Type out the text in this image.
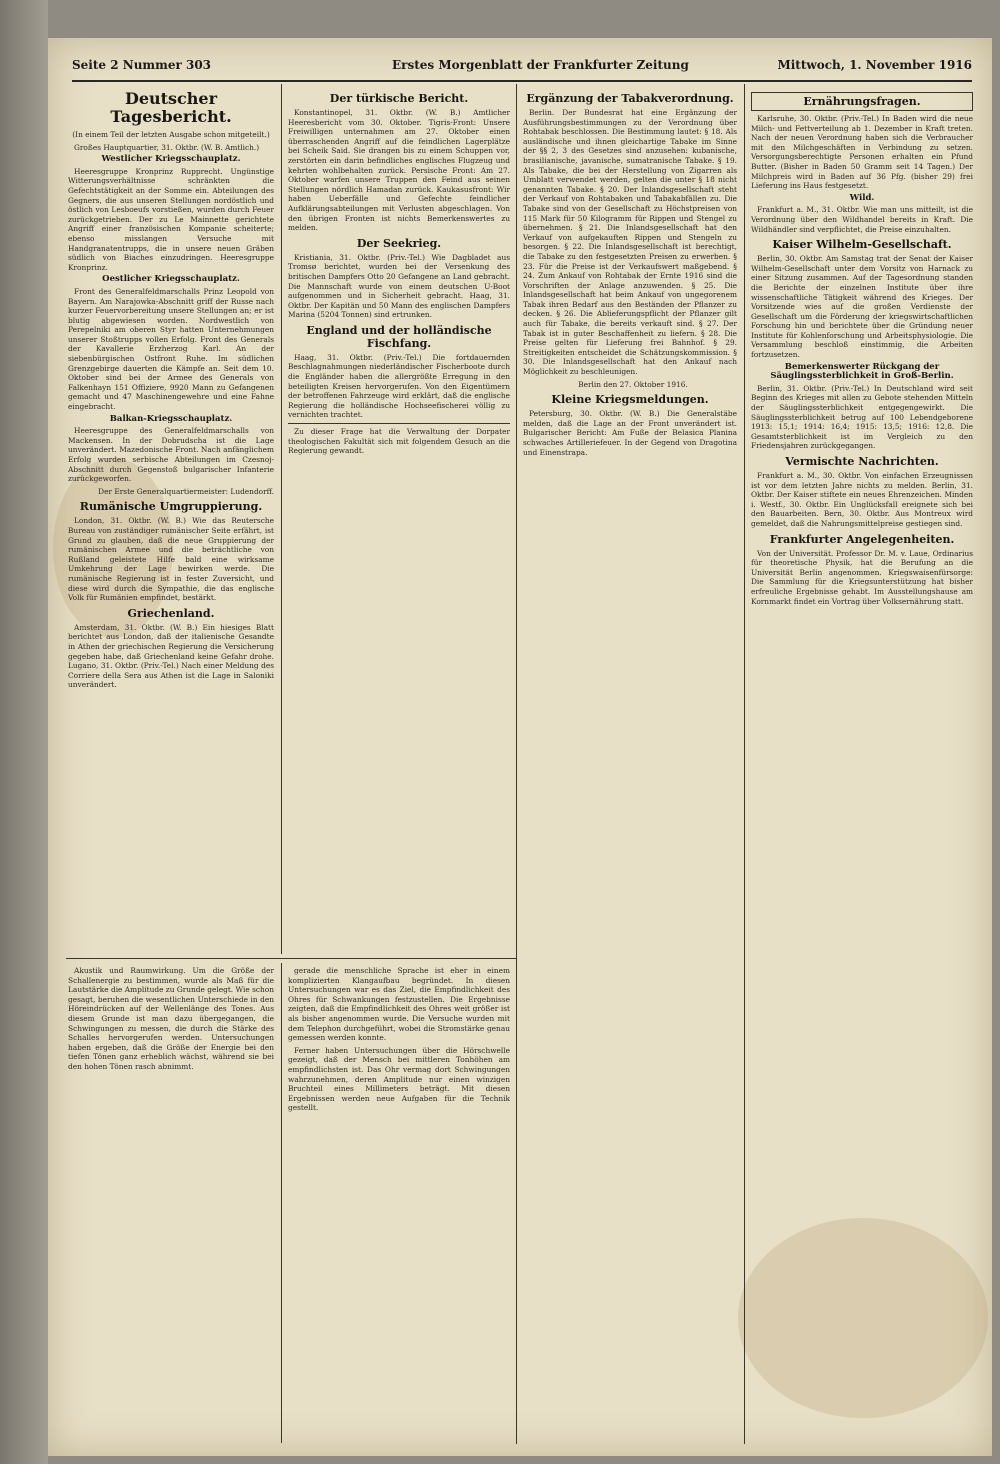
Seite 2 Nummer 303	Erstes Morgenblatt der Frankfurter Zeitung	Mittwoch, 1. November 1916
Deutscher Tagesbericht.
(In einem Teil der letzten Ausgabe schon mitgeteilt.)
Großes Hauptquartier, 31. Oktbr. (W. B. Amtlich.)
Westlicher Kriegsschauplatz.
Heeresgruppe Kronprinz Rupprecht. Ungünstige Witterungsverhältnisse schränkten die Gefechtstätigkeit an der Somme ein. Abteilungen des Gegners, die aus unseren Stellungen nordöstlich und östlich von Lesboeufs vorstießen, wurden durch Feuer zurückgetrieben. Der zu Le Mainnette gerichtete Angriff einer französischen Kompanie scheiterte; ebenso misslangen Versuche mit Handgranatentrupps, die in unsere neuen Gräben südlich von Biaches einzudringen. Heeresgruppe Kronprinz.
Oestlicher Kriegsschauplatz.
Front des Generalfeldmarschalls Prinz Leopold von Bayern. Am Narajowka-Abschnitt griff der Russe nach kurzer Feuervorbereitung unsere Stellungen an; er ist blutig abgewiesen worden. Nordwestlich von Perepelniki am oberen Styr hatten Unternehmungen unserer Stoßtrupps vollen Erfolg. Front des Generals der Kavallerie Erzherzog Karl. An der siebenbürgischen Ostfront Ruhe. Im südlichen Grenzgebirge dauerten die Kämpfe an. Seit dem 10. Oktober sind bei der Armee des Generals von Falkenhayn 151 Offiziere, 9920 Mann zu Gefangenen gemacht und 47 Maschinengewehre und eine Fahne eingebracht.
Balkan-Kriegsschauplatz.
Heeresgruppe des Generalfeldmarschalls von Mackensen. In der Dobrudscha ist die Lage unverändert. Mazedonische Front. Nach anfänglichem Erfolg wurden serbische Abteilungen im Czesnoj-Abschnitt durch Gegenstoß bulgarischer Infanterie zurückgeworfen.
Der Erste Generalquartiermeister: Ludendorff.
Rumänische Umgruppierung.
London, 31. Oktbr. (W. B.) Wie das Reutersche Bureau von zuständiger rumänischer Seite erfährt, ist Grund zu glauben, daß die neue Gruppierung der rumänischen Armee und die beträchtliche von Rußland geleistete Hilfe bald eine wirksame Umkehrung der Lage bewirken werde. Die rumänische Regierung ist in fester Zuversicht, und diese wird durch die Sympathie, die das englische Volk für Rumänien empfindet, bestärkt.
Griechenland.
Amsterdam, 31. Oktbr. (W. B.) Ein hiesiges Blatt berichtet aus London, daß der italienische Gesandte in Athen der griechischen Regierung die Versicherung gegeben habe, daß Griechenland keine Gefahr drohe. Lugano, 31. Oktbr. (Priv.-Tel.) Nach einer Meldung des Corriere della Sera aus Athen ist die Lage in Saloniki unverändert.
Der türkische Bericht.
Konstantinopel, 31. Oktbr. (W. B.) Amtlicher Heeresbericht vom 30. Oktober. Tigris-Front: Unsere Freiwilligen unternahmen am 27. Oktober einen überraschenden Angriff auf die feindlichen Lagerplätze bei Scheik Said. Sie drangen bis zu einem Schuppen vor, zerstörten ein darin befindliches englisches Flugzeug und kehrten wohlbehalten zurück. Persische Front: Am 27. Oktober warfen unsere Truppen den Feind aus seinen Stellungen nördlich Hamadan zurück. Kaukasusfront: Wir haben Ueberfälle und Gefechte feindlicher Aufklärungsabteilungen mit Verlusten abgeschlagen. Von den übrigen Fronten ist nichts Bemerkenswertes zu melden.
Der Seekrieg.
Kristiania, 31. Oktbr. (Priv.-Tel.) Wie Dagbladet aus Tromsø berichtet, wurden bei der Versenkung des britischen Dampfers Otto 20 Gefangene an Land gebracht. Die Mannschaft wurde von einem deutschen U-Boot aufgenommen und in Sicherheit gebracht. Haag, 31. Oktbr. Der Kapitän und 50 Mann des englischen Dampfers Marina (5204 Tonnen) sind ertrunken.
England und der holländische Fischfang.
Haag, 31. Oktbr. (Priv.-Tel.) Die fortdauernden Beschlagnahmungen niederländischer Fischerboote durch die Engländer haben die allergrößte Erregung in den beteiligten Kreisen hervorgerufen. Von den Eigentümern der betroffenen Fahrzeuge wird erklärt, daß die englische Regierung die holländische Hochseefischerei völlig zu vernichten trachtet.
Zu dieser Frage hat die Verwaltung der Dorpater theologischen Fakultät sich mit folgendem Gesuch an die Regierung gewandt.
Ergänzung der Tabakverordnung.
Berlin. Der Bundesrat hat eine Ergänzung der Ausführungsbestimmungen zu der Verordnung über Rohtabak beschlossen. Die Bestimmung lautet: § 18. Als ausländische und ihnen gleichartige Tabake im Sinne der §§ 2, 3 des Gesetzes sind anzusehen: kubanische, brasilianische, javanische, sumatranische Tabake. § 19. Als Tabake, die bei der Herstellung von Zigarren als Umblatt verwendet werden, gelten die unter § 18 nicht genannten Tabake. § 20. Der Inlandsgesellschaft steht der Verkauf von Rohtabaken und Tabakabfällen zu. Die Tabake sind von der Gesellschaft zu Höchstpreisen von 115 Mark für 50 Kilogramm für Rippen und Stengel zu übernehmen. § 21. Die Inlandsgesellschaft hat den Verkauf von aufgekauften Rippen und Stengeln zu besorgen. § 22. Die Inlandsgesellschaft ist berechtigt, die Tabake zu den festgesetzten Preisen zu erwerben. § 23. Für die Preise ist der Verkaufswert maßgebend. § 24. Zum Ankauf von Rohtabak der Ernte 1916 sind die Vorschriften der Anlage anzuwenden. § 25. Die Inlandsgesellschaft hat beim Ankauf von ungegorenem Tabak ihren Bedarf aus den Beständen der Pflanzer zu decken. § 26. Die Ablieferungspflicht der Pflanzer gilt auch für Tabake, die bereits verkauft sind. § 27. Der Tabak ist in guter Beschaffenheit zu liefern. § 28. Die Preise gelten für Lieferung frei Bahnhof. § 29. Streitigkeiten entscheidet die Schätzungskommission. § 30. Die Inlandsgesellschaft hat den Ankauf nach Möglichkeit zu beschleunigen.
Berlin den 27. Oktober 1916.
Kleine Kriegsmeldungen.
Petersburg, 30. Oktbr. (W. B.) Die Generalstäbe melden, daß die Lage an der Front unverändert ist. Bulgarischer Bericht: Am Fuße der Belasica Planina schwaches Artilleriefeuer. In der Gegend von Dragotina und Einenstrapa.
Ernährungsfragen.
Karlsruhe, 30. Oktbr. (Priv.-Tel.) In Baden wird die neue Milch- und Fettverteilung ab 1. Dezember in Kraft treten. Nach der neuen Verordnung haben sich die Verbraucher mit den Milchgeschäften in Verbindung zu setzen. Versorgungsberechtigte Personen erhalten ein Pfund Butter. (Bisher in Baden 50 Gramm seit 14 Tagen.) Der Milchpreis wird in Baden auf 36 Pfg. (bisher 29) frei Lieferung ins Haus festgesetzt.
Wild.
Frankfurt a. M., 31. Oktbr. Wie man uns mitteilt, ist die Verordnung über den Wildhandel bereits in Kraft. Die Wildhändler sind verpflichtet, die Preise einzuhalten.
Kaiser Wilhelm-Gesellschaft.
Berlin, 30. Oktbr. Am Samstag trat der Senat der Kaiser Wilhelm-Gesellschaft unter dem Vorsitz von Harnack zu einer Sitzung zusammen. Auf der Tagesordnung standen die Berichte der einzelnen Institute über ihre wissenschaftliche Tätigkeit während des Krieges. Der Vorsitzende wies auf die großen Verdienste der Gesellschaft um die Förderung der kriegswirtschaftlichen Forschung hin und berichtete über die Gründung neuer Institute für Kohlenforschung und Arbeitsphysiologie. Die Versammlung beschloß einstimmig, die Arbeiten fortzusetzen.
Bemerkenswerter Rückgang der Säuglingssterblichkeit in Groß-Berlin.
Berlin, 31. Oktbr. (Priv.-Tel.) In Deutschland wird seit Beginn des Krieges mit allen zu Gebote stehenden Mitteln der Säuglingssterblichkeit entgegengewirkt. Die Säuglingssterblichkeit betrug auf 100 Lebendgeborene 1913: 15,1; 1914: 16,4; 1915: 13,5; 1916: 12,8. Die Gesamtsterblichkeit ist im Vergleich zu den Friedensjahren zurückgegangen.
Vermischte Nachrichten.
Frankfurt a. M., 30. Oktbr. Von einfachen Erzeugnissen ist vor dem letzten Jahre nichts zu melden. Berlin, 31. Oktbr. Der Kaiser stiftete ein neues Ehrenzeichen. Minden i. Westf., 30. Oktbr. Ein Unglücksfall ereignete sich bei den Bauarbeiten. Bern, 30. Oktbr. Aus Montreux wird gemeldet, daß die Nahrungsmittelpreise gestiegen sind.
Frankfurter Angelegenheiten.
Von der Universität. Professor Dr. M. v. Laue, Ordinarius für theoretische Physik, hat die Berufung an die Universität Berlin angenommen. Kriegswaisenfürsorge: Die Sammlung für die Kriegsunterstützung hat bisher erfreuliche Ergebnisse gehabt. Im Ausstellungshause am Kornmarkt findet ein Vortrag über Volksernährung statt.
Akustik und Raumwirkung. Um die Größe der Schallenergie zu bestimmen, wurde als Maß für die Lautstärke die Amplitude zu Grunde gelegt. Wie schon gesagt, beruhen die wesentlichen Unterschiede in den Höreindrücken auf der Wellenlänge des Tones. Aus diesem Grunde ist man dazu übergegangen, die Schwingungen zu messen, die durch die Stärke des Schalles hervorgerufen werden. Untersuchungen haben ergeben, daß die Größe der Energie bei den tiefen Tönen ganz erheblich wächst, während sie bei den hohen Tönen rasch abnimmt.
gerade die menschliche Sprache ist eher in einem komplizierten Klangaufbau begründet. In diesen Untersuchungen war es das Ziel, die Empfindlichkeit des Ohres für Schwankungen festzustellen. Die Ergebnisse zeigten, daß die Empfindlichkeit des Ohres weit größer ist als bisher angenommen wurde. Die Versuche wurden mit dem Telephon durchgeführt, wobei die Stromstärke genau gemessen werden konnte.
Ferner haben Untersuchungen über die Hörschwelle gezeigt, daß der Mensch bei mittleren Tonhöhen am empfindlichsten ist. Das Ohr vermag dort Schwingungen wahrzunehmen, deren Amplitude nur einen winzigen Bruchteil eines Millimeters beträgt. Mit diesen Ergebnissen werden neue Aufgaben für die Technik gestellt.
